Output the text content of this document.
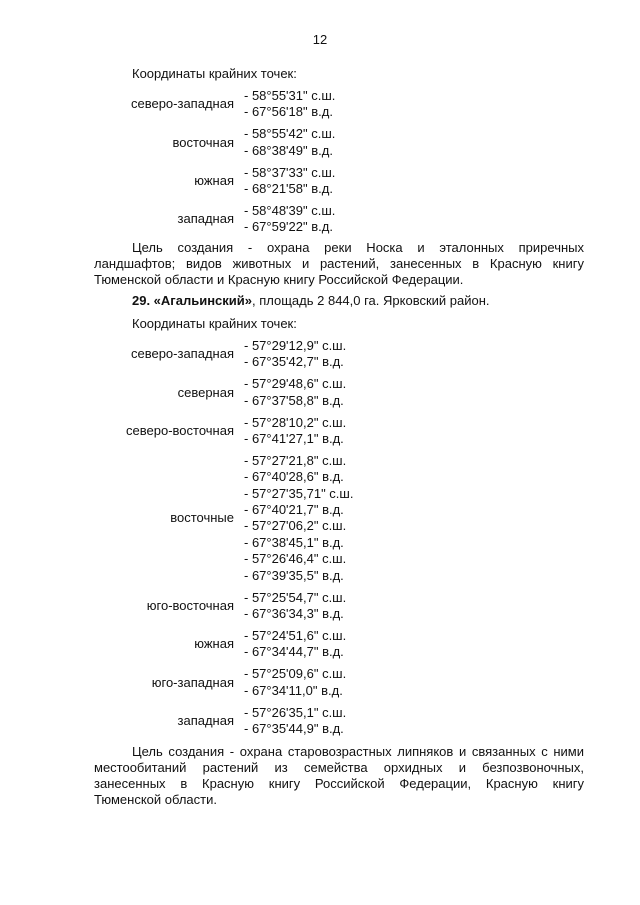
12
Координаты крайних точек:
северо-западная
- 58°55'31" с.ш.
- 67°56'18" в.д.
восточная
- 58°55'42" с.ш.
- 68°38'49" в.д.
южная
- 58°37'33" с.ш.
- 68°21'58" в.д.
западная
- 58°48'39" с.ш.
- 67°59'22" в.д.
Цель создания - охрана реки Носка и эталонных приречных
ландшафтов; видов животных и растений, занесенных в Красную книгу
Тюменской области и Красную книгу Российской Федерации.
29. «Агальинский», площадь 2 844,0 га. Ярковский район.
Координаты крайних точек:
северо-западная
- 57°29'12,9" с.ш.
- 67°35'42,7" в.д.
северная
- 57°29'48,6" с.ш.
- 67°37'58,8" в.д.
северо-восточная
- 57°28'10,2" с.ш.
- 67°41'27,1" в.д.
восточные
- 57°27'21,8" с.ш.
- 67°40'28,6" в.д.
- 57°27'35,71" с.ш.
- 67°40'21,7" в.д.
- 57°27'06,2" с.ш.
- 67°38'45,1" в.д.
- 57°26'46,4" с.ш.
- 67°39'35,5" в.д.
юго-восточная
- 57°25'54,7" с.ш.
- 67°36'34,3" в.д.
южная
- 57°24'51,6" с.ш.
- 67°34'44,7" в.д.
юго-западная
- 57°25'09,6" с.ш.
- 67°34'11,0" в.д.
западная
- 57°26'35,1" с.ш.
- 67°35'44,9" в.д.
Цель создания - охрана старовозрастных липняков и связанных с ними
местообитаний растений из семейства орхидных и безпозвоночных,
занесенных в Красную книгу Российской Федерации, Красную книгу
Тюменской области.
